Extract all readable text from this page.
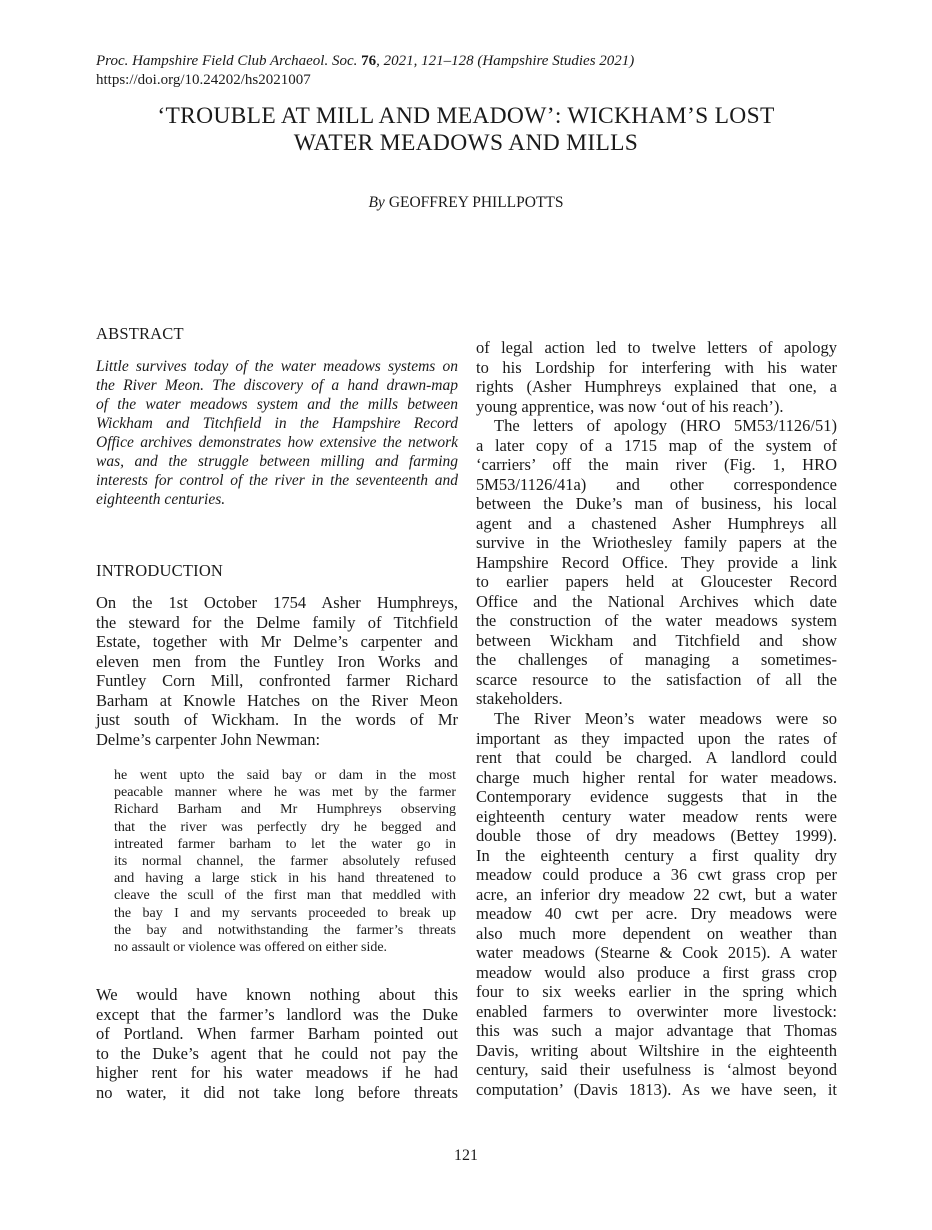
Proc. Hampshire Field Club Archaeol. Soc. 76, 2021, 121–128 (Hampshire Studies 2021)
https://doi.org/10.24202/hs2021007
‘TROUBLE AT MILL AND MEADOW’: WICKHAM’S LOST
WATER MEADOWS AND MILLS
By GEOFFREY PHILLPOTTS
ABSTRACT
Little survives today of the water meadows systems on
the River Meon. The discovery of a hand drawn-map
of the water meadows system and the mills between
Wickham and Titchfield in the Hampshire Record
Office archives demonstrates how extensive the network
was, and the struggle between milling and farming
interests for control of the river in the seventeenth and
eighteenth centuries.
INTRODUCTION
On the 1st October 1754 Asher Humphreys,
the steward for the Delme family of Titchfield
Estate, together with Mr Delme’s carpenter and
eleven men from the Funtley Iron Works and
Funtley Corn Mill, confronted farmer Richard
Barham at Knowle Hatches on the River Meon
just south of Wickham. In the words of Mr
Delme’s carpenter John Newman:
he went upto the said bay or dam in the most
peacable manner where he was met by the farmer
Richard Barham and Mr Humphreys observing
that the river was perfectly dry he begged and
intreated farmer barham to let the water go in
its normal channel, the farmer absolutely refused
and having a large stick in his hand threatened to
cleave the scull of the first man that meddled with
the bay I and my servants proceeded to break up
the bay and notwithstanding the farmer’s threats
no assault or violence was offered on either side.
We would have known nothing about this
except that the farmer’s landlord was the Duke
of Portland. When farmer Barham pointed out
to the Duke’s agent that he could not pay the
higher rent for his water meadows if he had
no water, it did not take long before threats
of legal action led to twelve letters of apology
to his Lordship for interfering with his water
rights (Asher Humphreys explained that one, a
young apprentice, was now ‘out of his reach’).
The letters of apology (HRO 5M53/1126/51)
a later copy of a 1715 map of the system of
‘carriers’ off the main river (Fig. 1, HRO
5M53/1126/41a) and other correspondence
between the Duke’s man of business, his local
agent and a chastened Asher Humphreys all
survive in the Wriothesley family papers at the
Hampshire Record Office. They provide a link
to earlier papers held at Gloucester Record
Office and the National Archives which date
the construction of the water meadows system
between Wickham and Titchfield and show
the challenges of managing a sometimes-
scarce resource to the satisfaction of all the
stakeholders.
The River Meon’s water meadows were so
important as they impacted upon the rates of
rent that could be charged. A landlord could
charge much higher rental for water meadows.
Contemporary evidence suggests that in the
eighteenth century water meadow rents were
double those of dry meadows (Bettey 1999).
In the eighteenth century a first quality dry
meadow could produce a 36 cwt grass crop per
acre, an inferior dry meadow 22 cwt, but a water
meadow 40 cwt per acre. Dry meadows were
also much more dependent on weather than
water meadows (Stearne & Cook 2015). A water
meadow would also produce a first grass crop
four to six weeks earlier in the spring which
enabled farmers to overwinter more livestock:
this was such a major advantage that Thomas
Davis, writing about Wiltshire in the eighteenth
century, said their usefulness is ‘almost beyond
computation’ (Davis 1813). As we have seen, it
121
